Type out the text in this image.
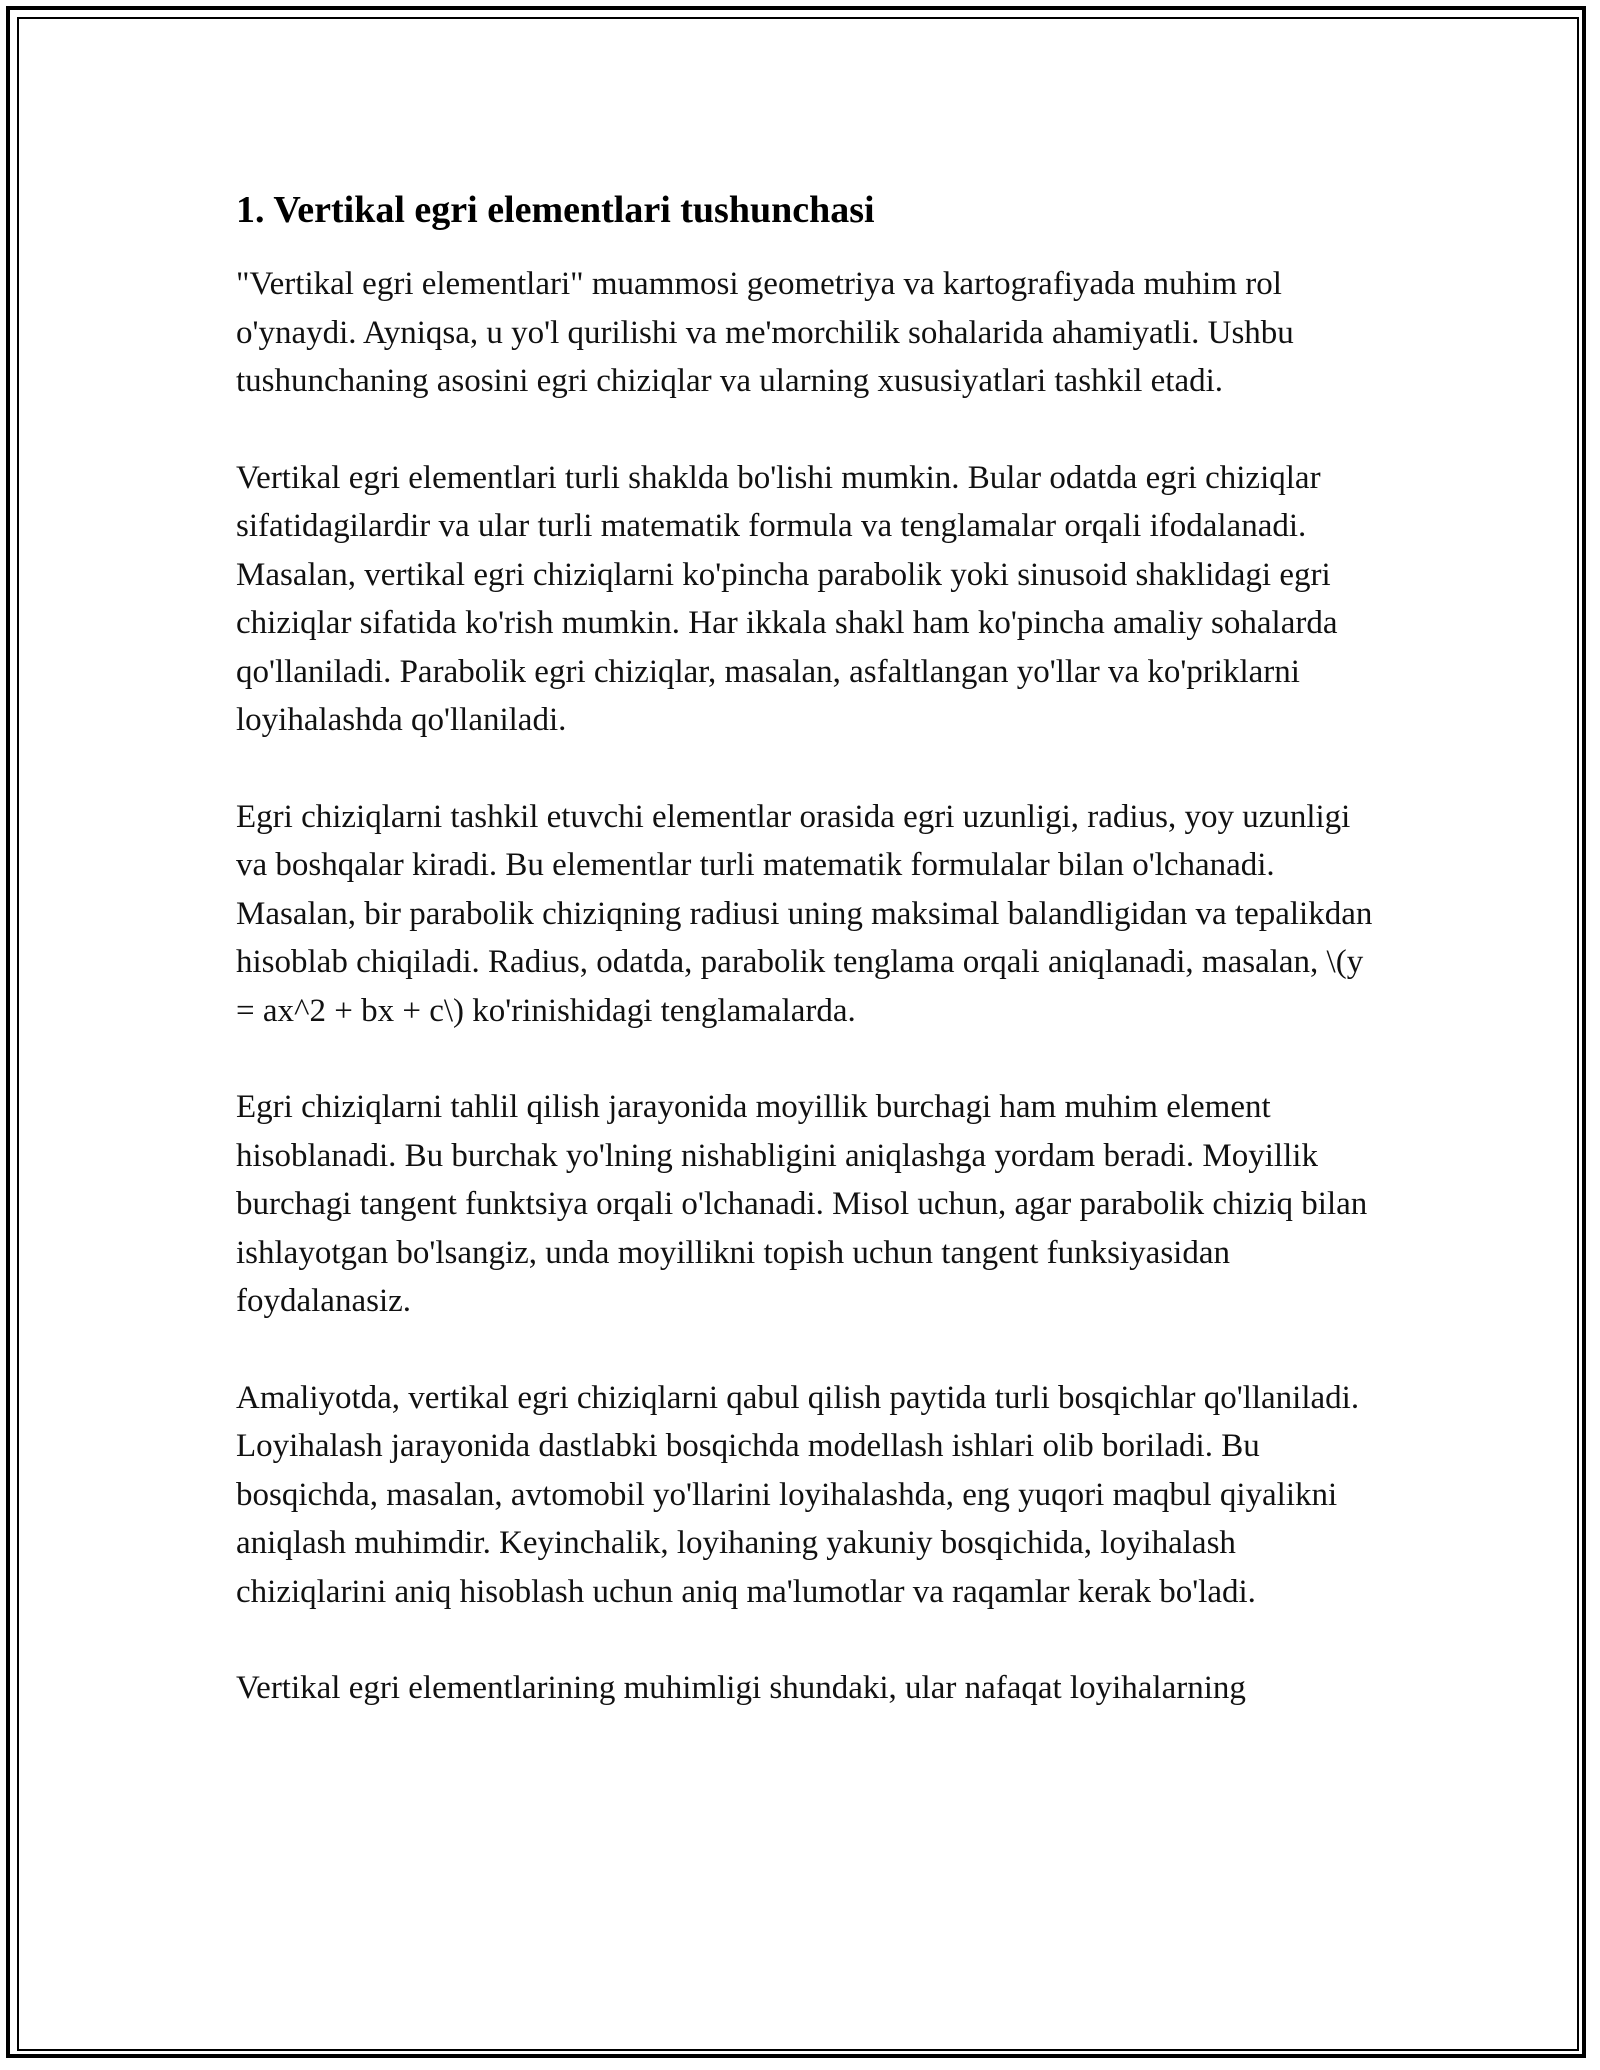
1. Vertikal egri elementlari tushunchasi

"Vertikal egri elementlari" muammosi geometriya va kartografiyada muhim rol o'ynaydi. Ayniqsa, u yo'l qurilishi va me'morchilik sohalarida ahamiyatli. Ushbu tushunchaning asosini egri chiziqlar va ularning xususiyatlari tashkil etadi.

Vertikal egri elementlari turli shaklda bo'lishi mumkin. Bular odatda egri chiziqlar sifatidagilardir va ular turli matematik formula va tenglamalar orqali ifodalanadi. Masalan, vertikal egri chiziqlarni ko'pincha parabolik yoki sinusoid shaklidagi egri chiziqlar sifatida ko'rish mumkin. Har ikkala shakl ham ko'pincha amaliy sohalarda qo'llaniladi. Parabolik egri chiziqlar, masalan, asfaltlangan yo'llar va ko'priklarni loyihalashda qo'llaniladi.

Egri chiziqlarni tashkil etuvchi elementlar orasida egri uzunligi, radius, yoy uzunligi va boshqalar kiradi. Bu elementlar turli matematik formulalar bilan o'lchanadi. Masalan, bir parabolik chiziqning radiusi uning maksimal balandligidan va tepalikdan hisoblab chiqiladi. Radius, odatda, parabolik tenglama orqali aniqlanadi, masalan, \(y = ax^2 + bx + c\) ko'rinishidagi tenglamalarda.

Egri chiziqlarni tahlil qilish jarayonida moyillik burchagi ham muhim element hisoblanadi. Bu burchak yo'lning nishabligini aniqlashga yordam beradi. Moyillik burchagi tangent funktsiya orqali o'lchanadi. Misol uchun, agar parabolik chiziq bilan ishlayotgan bo'lsangiz, unda moyillikni topish uchun tangent funksiyasidan foydalanasiz.

Amaliyotda, vertikal egri chiziqlarni qabul qilish paytida turli bosqichlar qo'llaniladi. Loyihalash jarayonida dastlabki bosqichda modellash ishlari olib boriladi. Bu bosqichda, masalan, avtomobil yo'llarini loyihalashda, eng yuqori maqbul qiyalikni aniqlash muhimdir. Keyinchalik, loyihaning yakuniy bosqichida, loyihalash chiziqlarini aniq hisoblash uchun aniq ma'lumotlar va raqamlar kerak bo'ladi.

Vertikal egri elementlarining muhimligi shundaki, ular nafaqat loyihalarning
